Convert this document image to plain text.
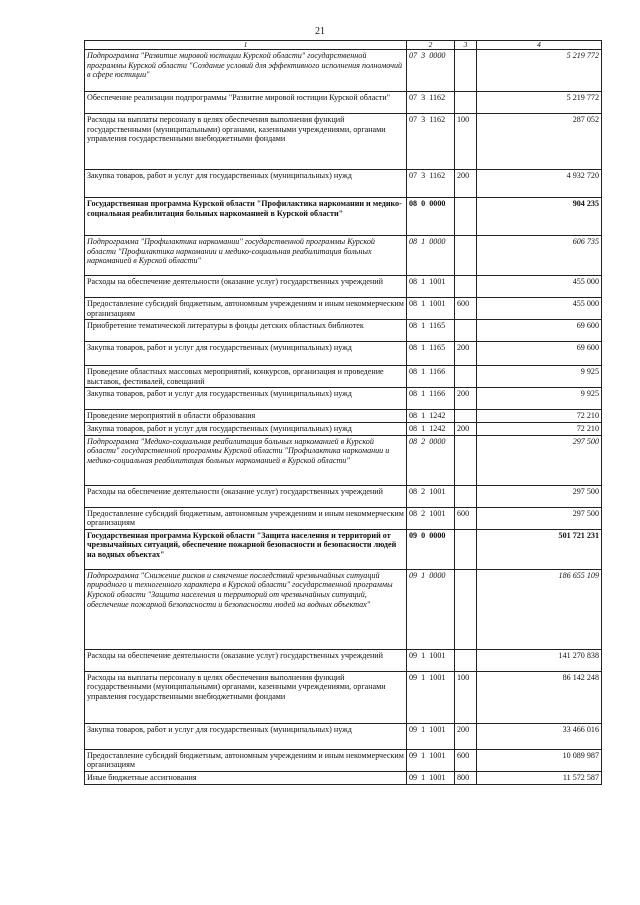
21
1	2	3	4
Подпрограмма "Развитие мировой юстиции Курской области" государственной программы Курской области "Создание условий для эффективного исполнения полномочий в сфере юстиции"	07  3  0000		5 219 772
Обеспечение реализации подпрограммы "Развитие мировой юстиции Курской области"	07  3  1162		5 219 772
Расходы на выплаты персоналу в целях обеспечения выполнения функций государственными (муниципальными) органами, казенными учреждениями, органами управления государственными внебюджетными фондами	07  3  1162	100	287 052
Закупка товаров, работ и услуг для государственных (муниципальных) нужд	07  3  1162	200	4 932 720
Государственная программа Курской области "Профилактика наркомании и медико-социальная реабилитация больных наркоманией в Курской области"	08  0  0000		904 235
Подпрограмма "Профилактика наркомании" государственной программы Курской области "Профилактика наркомании и медико-социальная реабилитация больных наркоманией в Курской области"	08  1  0000		606 735
Расходы на обеспечение деятельности (оказание услуг) государственных учреждений	08  1  1001		455 000
Предоставление субсидий бюджетным, автономным учреждениям и иным некоммерческим организациям	08  1  1001	600	455 000
Приобретение тематической литературы в фонды детских областных библиотек	08  1  1165		69 600
Закупка товаров, работ и услуг для государственных (муниципальных) нужд	08  1  1165	200	69 600
Проведение областных массовых мероприятий, конкурсов, организация и проведение выставок, фестивалей, совещаний	08  1  1166		9 925
Закупка товаров, работ и услуг для государственных (муниципальных) нужд	08  1  1166	200	9 925
Проведение мероприятий в области образования	08  1  1242		72 210
Закупка товаров, работ и услуг для государственных (муниципальных) нужд	08  1  1242	200	72 210
Подпрограмма "Медико-социальная реабилитация больных наркоманией в Курской области" государственной программы Курской области "Профилактика наркомании и медико-социальная реабилитация больных наркоманией в Курской области"	08  2  0000		297 500
Расходы на обеспечение деятельности (оказание услуг) государственных учреждений	08  2  1001		297 500
Предоставление субсидий бюджетным, автономным учреждениям и иным некоммерческим организациям	08  2  1001	600	297 500
Государственная программа Курской области "Защита населения и территорий от чрезвычайных ситуаций, обеспечение пожарной безопасности и безопасности людей на водных объектах"	09  0  0000		501 721 231
Подпрограмма "Снижение рисков и смягчение последствий чрезвычайных ситуаций природного и техногенного характера в Курской области" государственной программы Курской области "Защита населения и территорий от чрезвычайных ситуаций, обеспечение пожарной безопасности и безопасности людей на водных объектах"	09  1  0000		186 655 109
Расходы на обеспечение деятельности (оказание услуг) государственных учреждений	09  1  1001		141 270 838
Расходы на выплаты персоналу в целях обеспечения выполнения функций государственными (муниципальными) органами, казенными учреждениями, органами управления государственными внебюджетными фондами	09  1  1001	100	86 142 248
Закупка товаров, работ и услуг для государственных (муниципальных) нужд	09  1  1001	200	33 466 016
Предоставление субсидий бюджетным, автономным учреждениям и иным некоммерческим организациям	09  1  1001	600	10 089 987
Иные бюджетные ассигнования	09  1  1001	800	11 572 587
